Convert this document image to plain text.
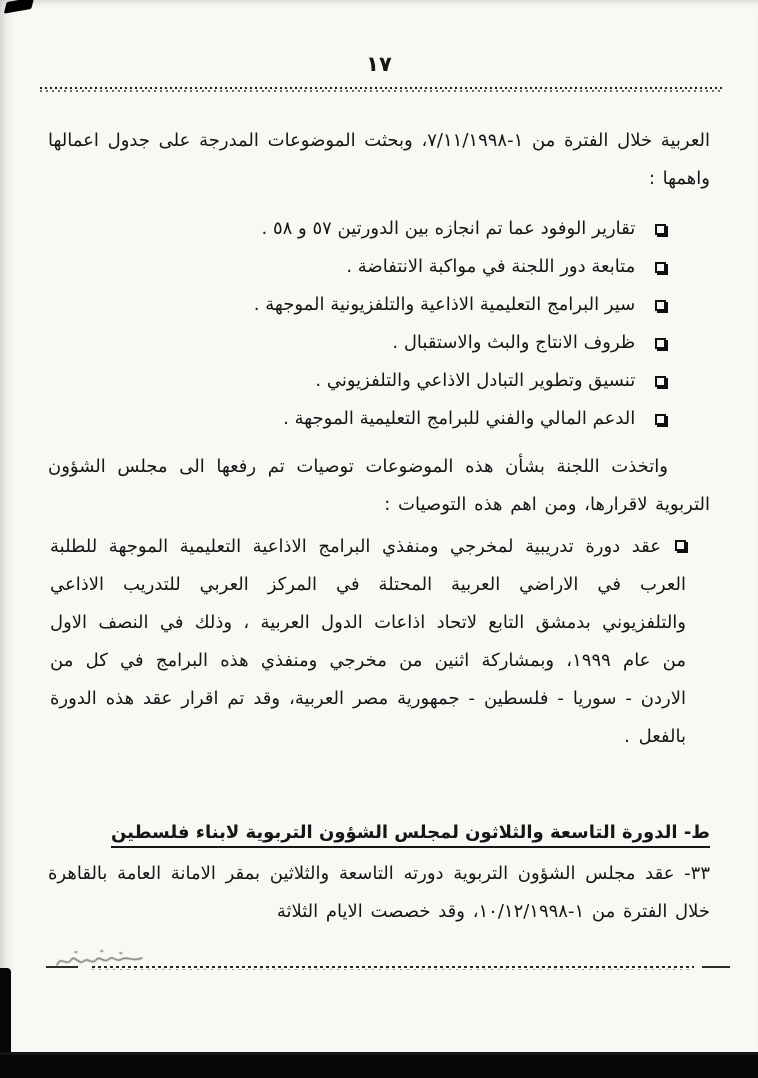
١٧

العربية خلال الفترة من ١-٧/١١/١٩٩٨، وبحثت الموضوعات المدرجة على جدول اعمالها واهمها :

تقارير الوفود عما تم انجازه بين الدورتين ٥٧ و ٥٨ .
متابعة دور اللجنة في مواكبة الانتفاضة .
سير البرامج التعليمية الاذاعية والتلفزيونية الموجهة .
ظروف الانتاج والبث والاستقبال .
تنسيق وتطوير التبادل الاذاعي والتلفزيوني .
الدعم المالي والفني للبرامج التعليمية الموجهة .

واتخذت اللجنة بشأن هذه الموضوعات توصيات تم رفعها الى مجلس الشؤون التربوية لاقرارها، ومن اهم هذه التوصيات :

عقد دورة تدريبية لمخرجي ومنفذي البرامج الاذاعية التعليمية الموجهة للطلبة العرب في الاراضي العربية المحتلة في المركز العربي للتدريب الاذاعي والتلفزيوني بدمشق التابع لاتحاد اذاعات الدول العربية ، وذلك في النصف الاول من عام ١٩٩٩، وبمشاركة اثنين من مخرجي ومنفذي هذه البرامج في كل من الاردن - سوريا - فلسطين - جمهورية مصر العربية، وقد تم اقرار عقد هذه الدورة بالفعل .
ط- الدورة التاسعة والثلاثون لمجلس الشؤون التربوية لابناء فلسطين

٣٣- عقد مجلس الشؤون التربوية دورته التاسعة والثلاثين بمقر الامانة العامة بالقاهرة خلال الفترة من ١-١٠/١٢/١٩٩٨، وقد خصصت الايام الثلاثة
